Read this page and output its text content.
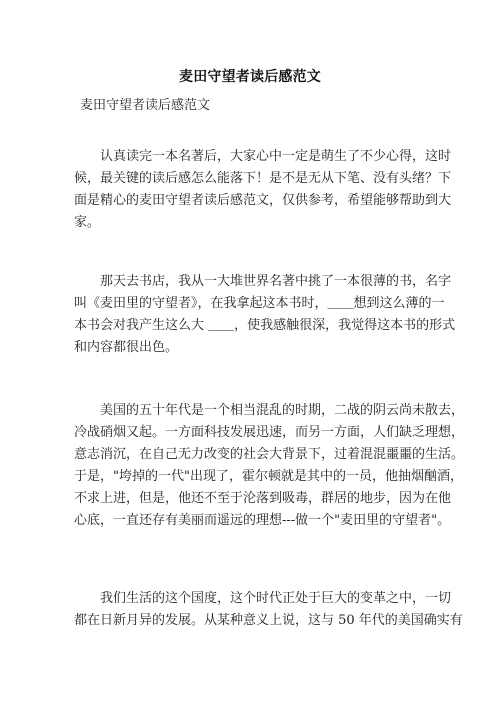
麦田守望者读后感范文
麦田守望者读后感范文
　　认真读完一本名著后，大家心中一定是萌生了不少心得，这时
候，最关键的读后感怎么能落下！是不是无从下笔、没有头绪？下
面是精心的麦田守望者读后感范文，仅供参考，希望能够帮助到大
家。
　　那天去书店，我从一大堆世界名著中挑了一本很薄的书，名字
叫《麦田里的守望者》，在我拿起这本书时，＿＿想到这么薄的一
本书会对我产生这么大 ＿＿，使我感触很深，我觉得这本书的形式
和内容都很出色。
　　美国的五十年代是一个相当混乱的时期，二战的阴云尚未散去，
冷战硝烟又起。一方面科技发展迅速，而另一方面，人们缺乏理想，
意志消沉，在自己无力改变的社会大背景下，过着混混噩噩的生活。
于是，"垮掉的一代"出现了，霍尔顿就是其中的一员，他抽烟酗酒，
不求上进，但是，他还不至于沦落到吸毒，群居的地步，因为在他
心底，一直还存有美丽而遥远的理想---做一个"麦田里的守望者"。
　　我们生活的这个国度，这个时代正处于巨大的变革之中，一切
都在日新月异的发展。从某种意义上说，这与 50 年代的美国确实有
